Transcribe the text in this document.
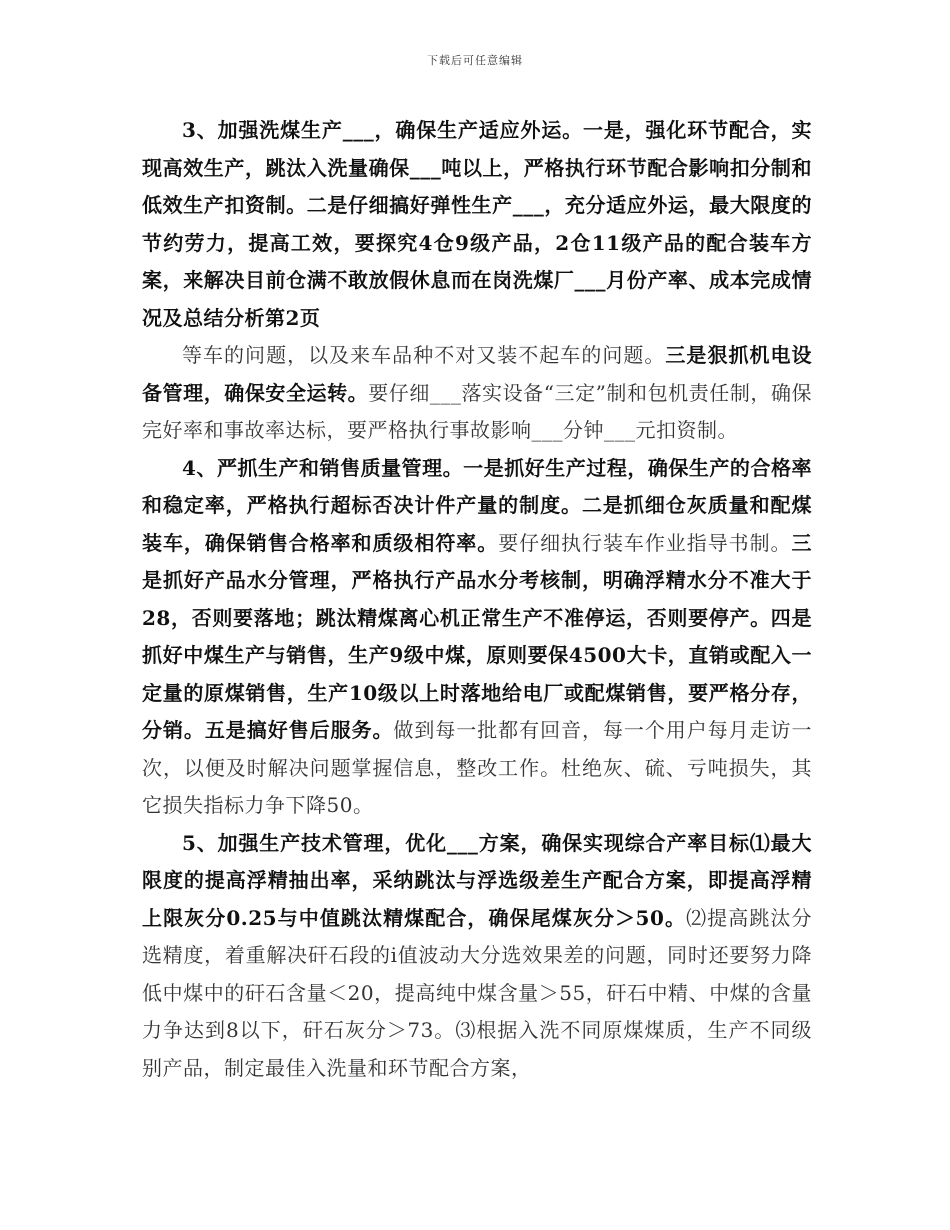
下载后可任意编辑

3、加强洗煤生产___，确保生产适应外运。一是，强化环节配合，实现高效生产，跳汰入洗量确保___吨以上，严格执行环节配合影响扣分制和低效生产扣资制。二是仔细搞好弹性生产___，充分适应外运，最大限度的节约劳力，提高工效，要探究4仓9级产品，2仓11级产品的配合装车方案，来解决目前仓满不敢放假休息而在岗洗煤厂___月份产率、成本完成情况及总结分析第2页

等车的问题，以及来车品种不对又装不起车的问题。三是狠抓机电设备管理，确保安全运转。要仔细___落实设备“三定”制和包机责任制，确保完好率和事故率达标，要严格执行事故影响___分钟___元扣资制。

4、严抓生产和销售质量管理。一是抓好生产过程，确保生产的合格率和稳定率，严格执行超标否决计件产量的制度。二是抓细仓灰质量和配煤装车，确保销售合格率和质级相符率。要仔细执行装车作业指导书制。三是抓好产品水分管理，严格执行产品水分考核制，明确浮精水分不准大于28，否则要落地；跳汰精煤离心机正常生产不准停运，否则要停产。四是抓好中煤生产与销售，生产9级中煤，原则要保4500大卡，直销或配入一定量的原煤销售，生产10级以上时落地给电厂或配煤销售，要严格分存，分销。五是搞好售后服务。做到每一批都有回音，每一个用户每月走访一次，以便及时解决问题掌握信息，整改工作。杜绝灰、硫、亏吨损失，其它损失指标力争下降50。

5、加强生产技术管理，优化___方案，确保实现综合产率目标⑴最大限度的提高浮精抽出率，采纳跳汰与浮选级差生产配合方案，即提高浮精上限灰分0.25与中值跳汰精煤配合，确保尾煤灰分＞50。⑵提高跳汰分选精度，着重解决矸石段的i值波动大分选效果差的问题，同时还要努力降低中煤中的矸石含量＜20，提高纯中煤含量＞55，矸石中精、中煤的含量力争达到8以下，矸石灰分＞73。⑶根据入洗不同原煤煤质，生产不同级别产品，制定最佳入洗量和环节配合方案，
